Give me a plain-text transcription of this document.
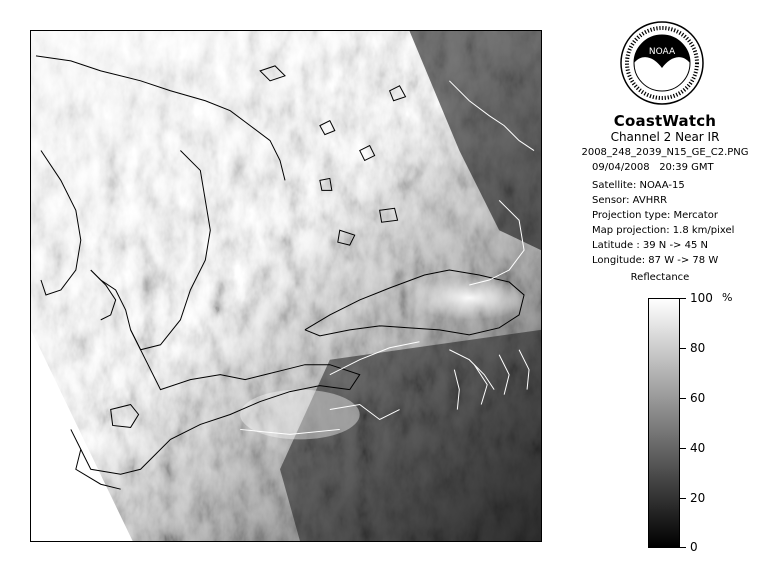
NOAA
CoastWatch
Channel 2 Near IR
2008_248_2039_N15_GE_C2.PNG
09/04/2008 20:39 GMT
Satellite: NOAA-15
Sensor: AVHRR
Projection type: Mercator
Map projection: 1.8 km/pixel
Latitude : 39 N -> 45 N
Longitude: 87 W -> 78 W
Reflectance
%
100
80
60
40
20
0
